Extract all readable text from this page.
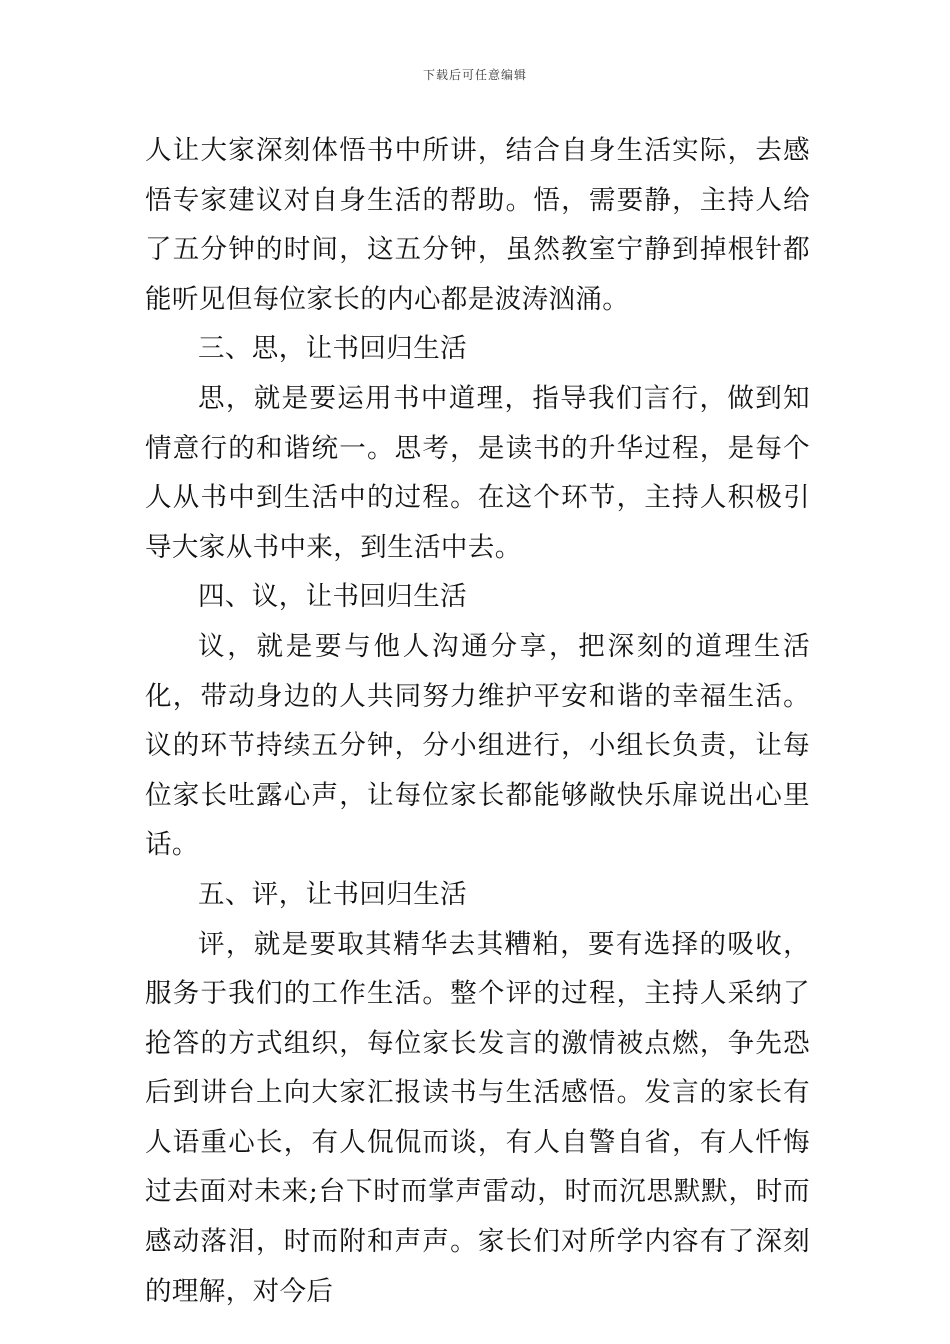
下载后可任意编辑

人让大家深刻体悟书中所讲，结合自身生活实际，去感悟专家建议对自身生活的帮助。悟，需要静，主持人给了五分钟的时间，这五分钟，虽然教室宁静到掉根针都能听见但每位家长的内心都是波涛汹涌。

三、思，让书回归生活

思，就是要运用书中道理，指导我们言行，做到知情意行的和谐统一。思考，是读书的升华过程，是每个人从书中到生活中的过程。在这个环节，主持人积极引导大家从书中来，到生活中去。

四、议，让书回归生活

议，就是要与他人沟通分享，把深刻的道理生活化，带动身边的人共同努力维护平安和谐的幸福生活。议的环节持续五分钟，分小组进行，小组长负责，让每位家长吐露心声，让每位家长都能够敞快乐扉说出心里话。

五、评，让书回归生活

评，就是要取其精华去其糟粕，要有选择的吸收，服务于我们的工作生活。整个评的过程，主持人采纳了抢答的方式组织，每位家长发言的激情被点燃，争先恐后到讲台上向大家汇报读书与生活感悟。发言的家长有人语重心长，有人侃侃而谈，有人自警自省，有人忏悔过去面对未来;台下时而掌声雷动，时而沉思默默，时而感动落泪，时而附和声声。家长们对所学内容有了深刻的理解，对今后
